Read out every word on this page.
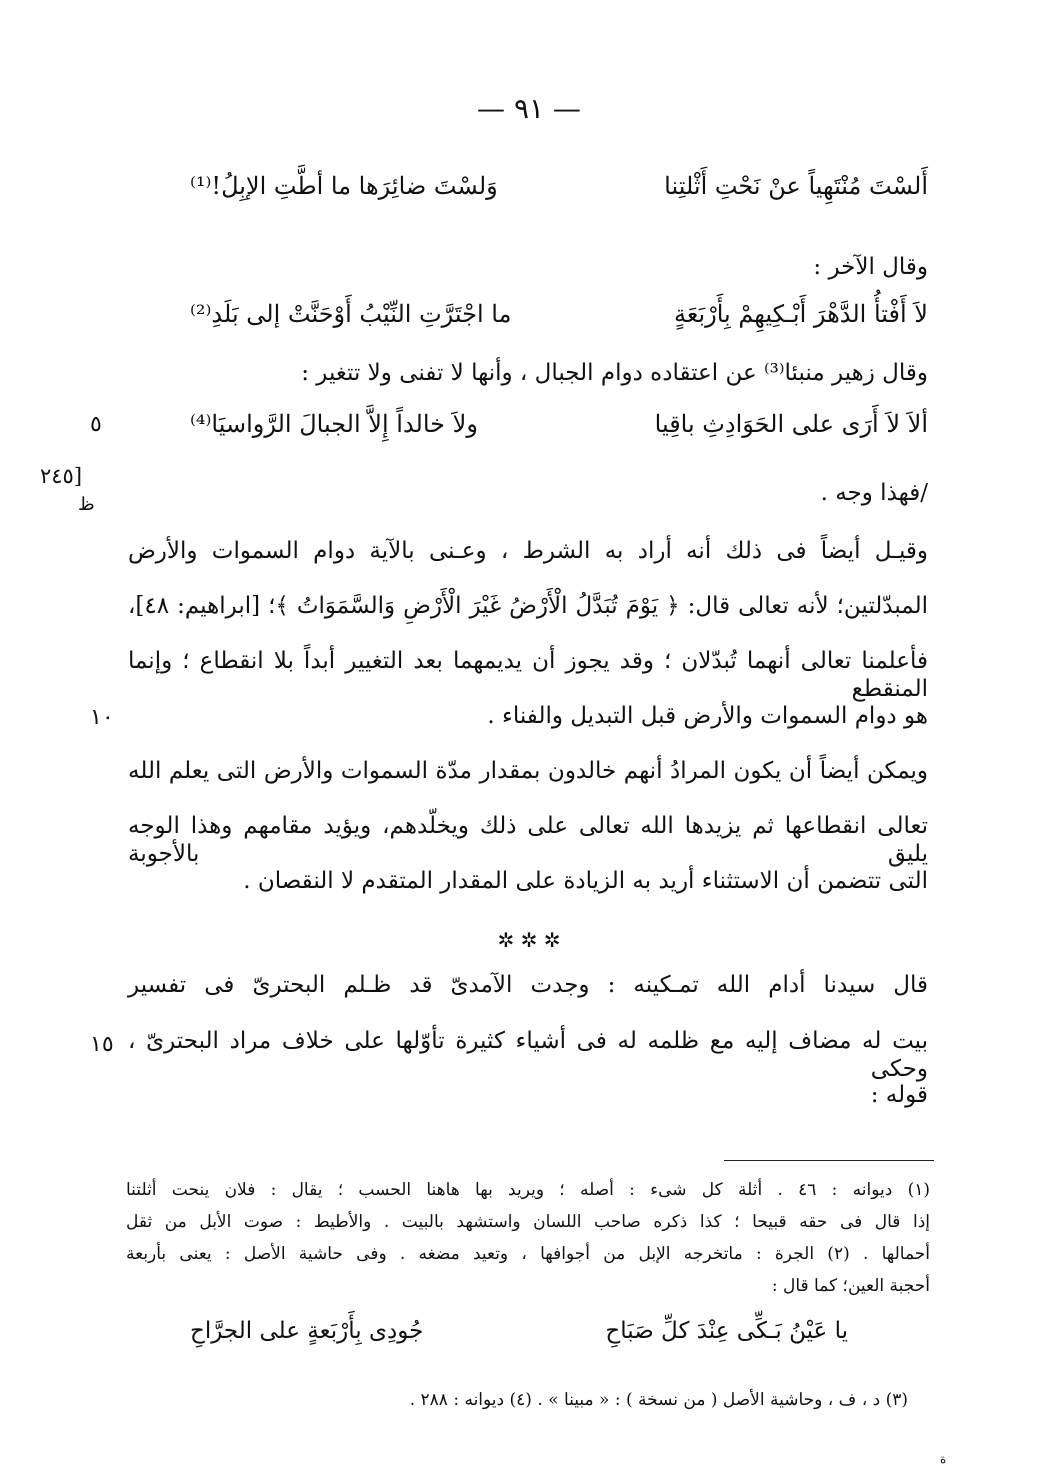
— ٩١ —
أَلسْتَ مُنْتَهِياً عنْ نَحْتِ أَثْلتِنا
وَلسْتَ ضائِرَها ما أطَّتِ الإبِلُ!⁽¹⁾
وقال الآخر :
لاَ أَفْتأُ الدَّهْرَ أَبْـكِيهِمْ بِأَرْبَعَةٍ
ما اجْتَرَّتِ النِّيْبُ أَوْحَنَّتْ إلى بَلَدِ⁽²⁾
وقال زهير منبئا⁽³⁾ عن اعتقاده دوام الجبال ، وأنها لا تفنى ولا تتغير :
ألاَ لاَ أَرَى على الحَوَادِثِ باقِيا
ولاَ خالداً إِلاَّ الجبالَ الرَّواسيَا⁽⁴⁾
٥
/فهذا وجه .
[٢٤٥
ظ
وقيـل أيضاً فى ذلك أنه أراد به الشرط ، وعـنى بالآية دوام السموات والأرض
المبدّلتين؛ لأنه تعالى قال: ﴿ يَوْمَ تُبَدَّلُ الْأَرْضُ غَيْرَ الْأَرْضِ وَالسَّمَوَاتُ ﴾؛ [ابراهيم: ٤٨]،
فأعلمنا تعالى أنهما تُبدّلان ؛ وقد يجوز أن يديمهما بعد التغيير أبداً بلا انقطاع ؛ وإنما المنقطع
هو دوام السموات والأرض قبل التبديل والفناء .
١٠
ويمكن أيضاً أن يكون المرادُ أنهم خالدون بمقدار مدّة السموات والأرض التى يعلم الله
تعالى انقطاعها ثم يزيدها الله تعالى على ذلك ويخلّدهم، ويؤيد مقامهم وهذا الوجه يليق بالأجوبة
التى تتضمن أن الاستثناء أريد به الزيادة على المقدار المتقدم لا النقصان .
✲ ✲ ✲
قال سيدنا أدام الله تمـكينه : وجدت الآمدىّ قد ظـلم البحترىّ فى تفسير
بيت له مضاف إليه مع ظلمه له فى أشياء كثيرة تأوّلها على خلاف مراد البحترىّ ، وحكى
قوله :
١٥
(١) ديوانه : ٤٦ . أثلة كل شىء : أصله ؛ ويريد بها هاهنا الحسب ؛ يقال : فلان ينحت أثلتنا
إذا قال فى حقه قبيحا ؛ كذا ذكره صاحب اللسان واستشهد بالبيت . والأطيط : صوت الأبل من ثقل
أحمالها . (٢) الجرة : ماتخرجه الإبل من أجوافها ، وتعيد مضغه . وفى حاشية الأصل : يعنى بأربعة
أحجبة العين؛ كما قال :
يا عَيْنُ بَـكِّى عِنْدَ كلِّ صَبَاحِ
جُودِى بِأَرْبَعةٍ على الجرَّاحِ
(٣) د ، ف ، وحاشية الأصل ( من نسخة ) : « مبينا » . (٤) ديوانه : ٢٨٨ .
ة
